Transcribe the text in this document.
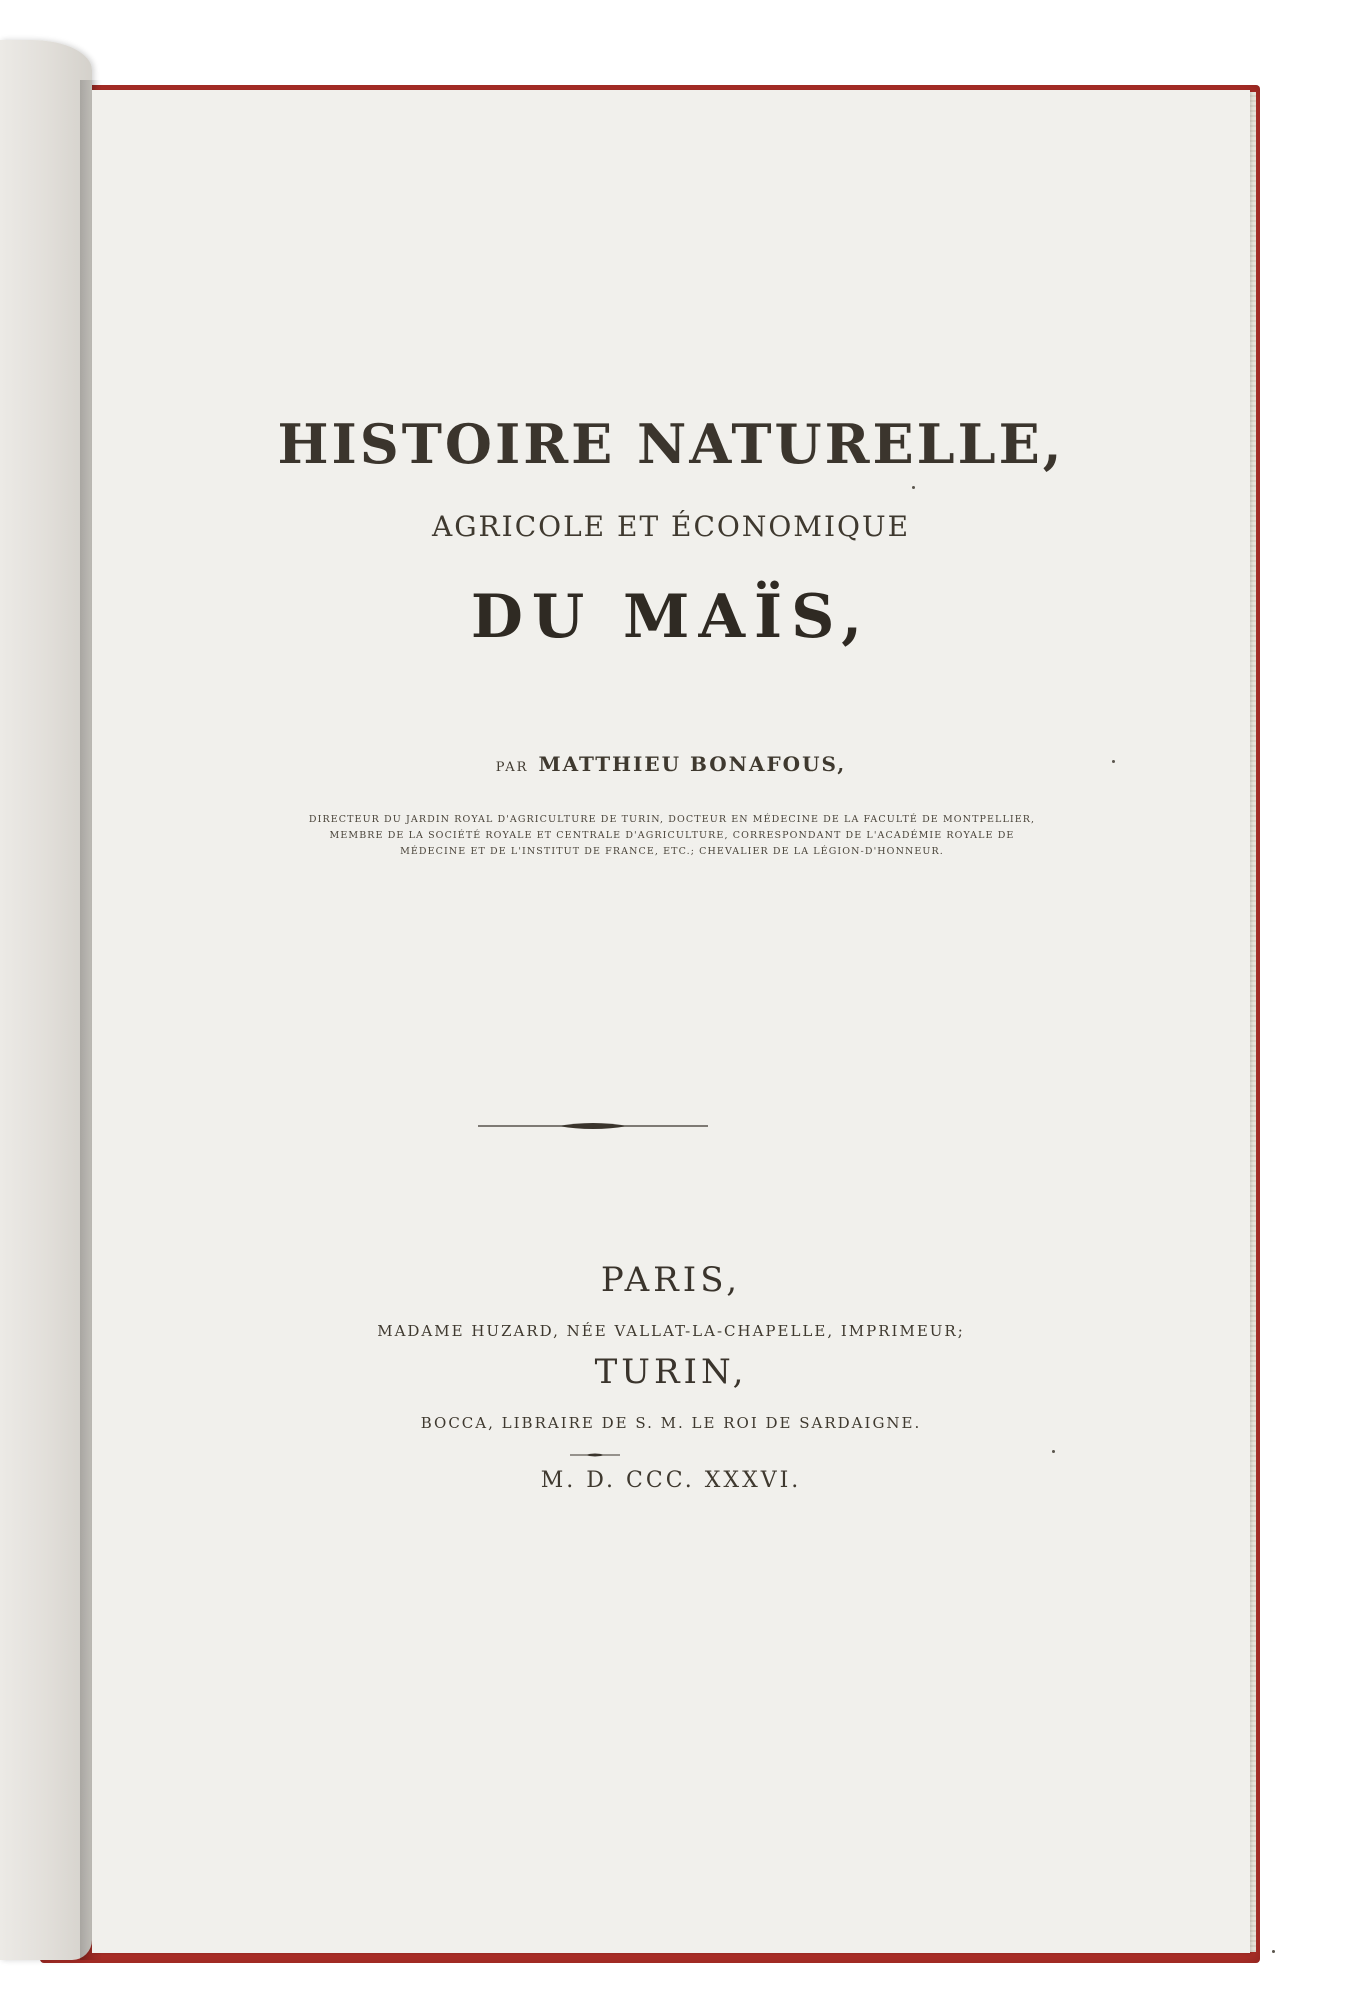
HISTOIRE NATURELLE,
AGRICOLE ET ÉCONOMIQUE
DU MAÏS,
PAR MATTHIEU BONAFOUS,
DIRECTEUR DU JARDIN ROYAL D'AGRICULTURE DE TURIN, DOCTEUR EN MÉDECINE DE LA FACULTÉ DE MONTPELLIER,
MEMBRE DE LA SOCIÉTÉ ROYALE ET CENTRALE D'AGRICULTURE, CORRESPONDANT DE L'ACADÉMIE ROYALE DE
MÉDECINE ET DE L'INSTITUT DE FRANCE, ETC.; CHEVALIER DE LA LÉGION-D'HONNEUR.
PARIS,
MADAME HUZARD, NÉE VALLAT-LA-CHAPELLE, IMPRIMEUR;
TURIN,
BOCCA, LIBRAIRE DE S. M. LE ROI DE SARDAIGNE.
M. D. CCC. XXXVI.
